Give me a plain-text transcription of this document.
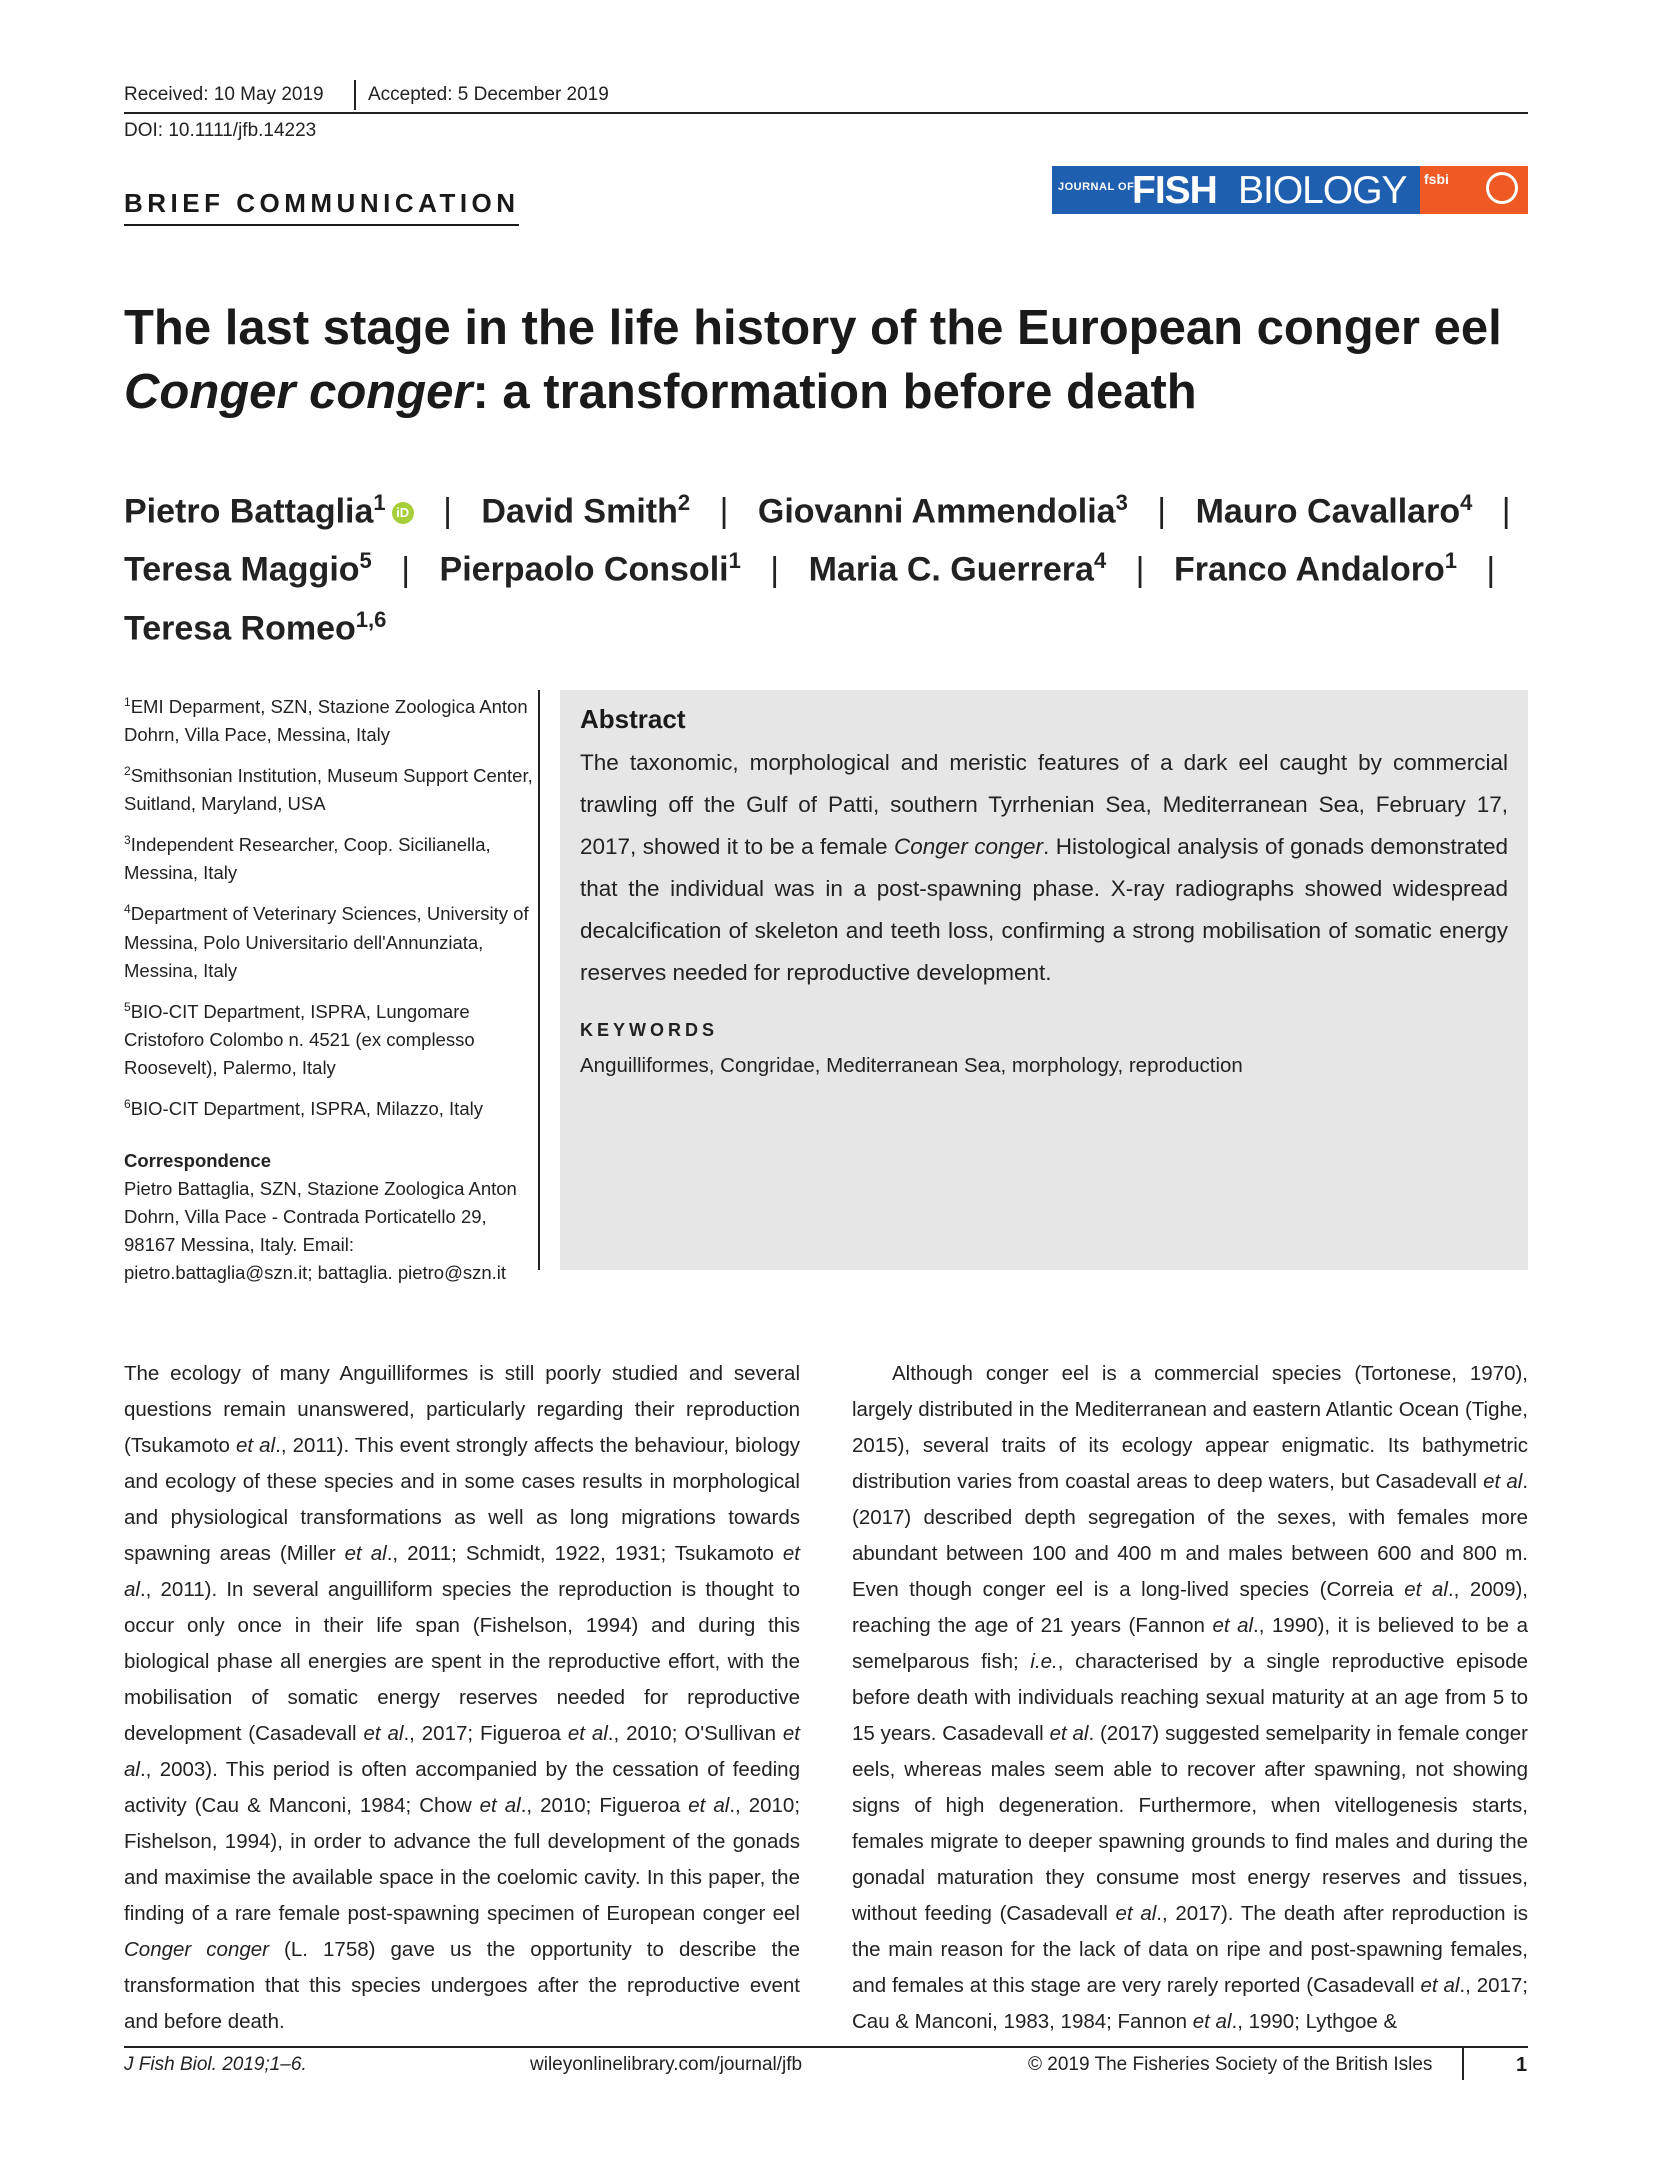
Received: 10 May 2019 Accepted: 5 December 2019
DOI: 10.1111/jfb.14223
BRIEF COMMUNICATION
JOURNAL OF
FISH BIOLOGY fsbi
The last stage in the life history of the European conger eel
Conger conger: a transformation before death
Pietro Battaglia$^1$ iD | David Smith$^2$ | Giovanni Ammendolia$^3$ | Mauro Cavallaro$^4$ |
Teresa Maggio$^5$ | Pierpaolo Consoli$^1$ | Maria C. Guerrera$^4$ | Franco Andaloro$^1$ |
Teresa Romeo$^{1,6}$
$^1$EMI Deparment, SZN, Stazione Zoologica Anton Dohrn, Villa Pace, Messina, Italy
$^2$Smithsonian Institution, Museum Support Center, Suitland, Maryland, USA
$^3$Independent Researcher, Coop. Sicilianella, Messina, Italy
$^4$Department of Veterinary Sciences, University of Messina, Polo Universitario dell'Annunziata, Messina, Italy
$^5$BIO-CIT Department, ISPRA, Lungomare Cristoforo Colombo n. 4521 (ex complesso Roosevelt), Palermo, Italy
$^6$BIO-CIT Department, ISPRA, Milazzo, Italy
Correspondence
Pietro Battaglia, SZN, Stazione Zoologica Anton Dohrn, Villa Pace - Contrada Porticatello 29, 98167 Messina, Italy. Email: pietro.battaglia@szn.it; battaglia. pietro@szn.it
Abstract
The taxonomic, morphological and meristic features of a dark eel caught by commercial trawling off the Gulf of Patti, southern Tyrrhenian Sea, Mediterranean Sea, February 17, 2017, showed it to be a female Conger conger. Histological analysis of gonads demonstrated that the individual was in a post-spawning phase. X-ray radiographs showed widespread decalcification of skeleton and teeth loss, confirming a strong mobilisation of somatic energy reserves needed for reproductive development.
KEYWORDS
Anguilliformes, Congridae, Mediterranean Sea, morphology, reproduction
The ecology of many Anguilliformes is still poorly studied and several questions remain unanswered, particularly regarding their reproduction (Tsukamoto et al., 2011). This event strongly affects the behaviour, biology and ecology of these species and in some cases results in morphological and physiological transformations as well as long migrations towards spawning areas (Miller et al., 2011; Schmidt, 1922, 1931; Tsukamoto et al., 2011). In several anguilliform species the reproduction is thought to occur only once in their life span (Fishelson, 1994) and during this biological phase all energies are spent in the reproductive effort, with the mobilisation of somatic energy reserves needed for reproductive development (Casadevall et al., 2017; Figueroa et al., 2010; O'Sullivan et al., 2003). This period is often accompanied by the cessation of feeding activity (Cau & Manconi, 1984; Chow et al., 2010; Figueroa et al., 2010; Fishelson, 1994), in order to advance the full development of the gonads and maximise the available space in the coelomic cavity. In this paper, the finding of a rare female post-spawning specimen of European conger eel Conger conger (L. 1758) gave us the opportunity to describe the transformation that this species undergoes after the reproductive event and before death.
Although conger eel is a commercial species (Tortonese, 1970), largely distributed in the Mediterranean and eastern Atlantic Ocean (Tighe, 2015), several traits of its ecology appear enigmatic. Its bathymetric distribution varies from coastal areas to deep waters, but Casadevall et al. (2017) described depth segregation of the sexes, with females more abundant between 100 and 400 m and males between 600 and 800 m. Even though conger eel is a long-lived species (Correia et al., 2009), reaching the age of 21 years (Fannon et al., 1990), it is believed to be a semelparous fish; i.e., characterised by a single reproductive episode before death with individuals reaching sexual maturity at an age from 5 to 15 years. Casadevall et al. (2017) suggested semelparity in female conger eels, whereas males seem able to recover after spawning, not showing signs of high degeneration. Furthermore, when vitellogenesis starts, females migrate to deeper spawning grounds to find males and during the gonadal maturation they consume most energy reserves and tissues, without feeding (Casadevall et al., 2017). The death after reproduction is the main reason for the lack of data on ripe and post-spawning females, and females at this stage are very rarely reported (Casadevall et al., 2017; Cau & Manconi, 1983, 1984; Fannon et al., 1990; Lythgoe &
J Fish Biol. 2019;1–6.	wileyonlinelibrary.com/journal/jfb	© 2019 The Fisheries Society of the British Isles	1
